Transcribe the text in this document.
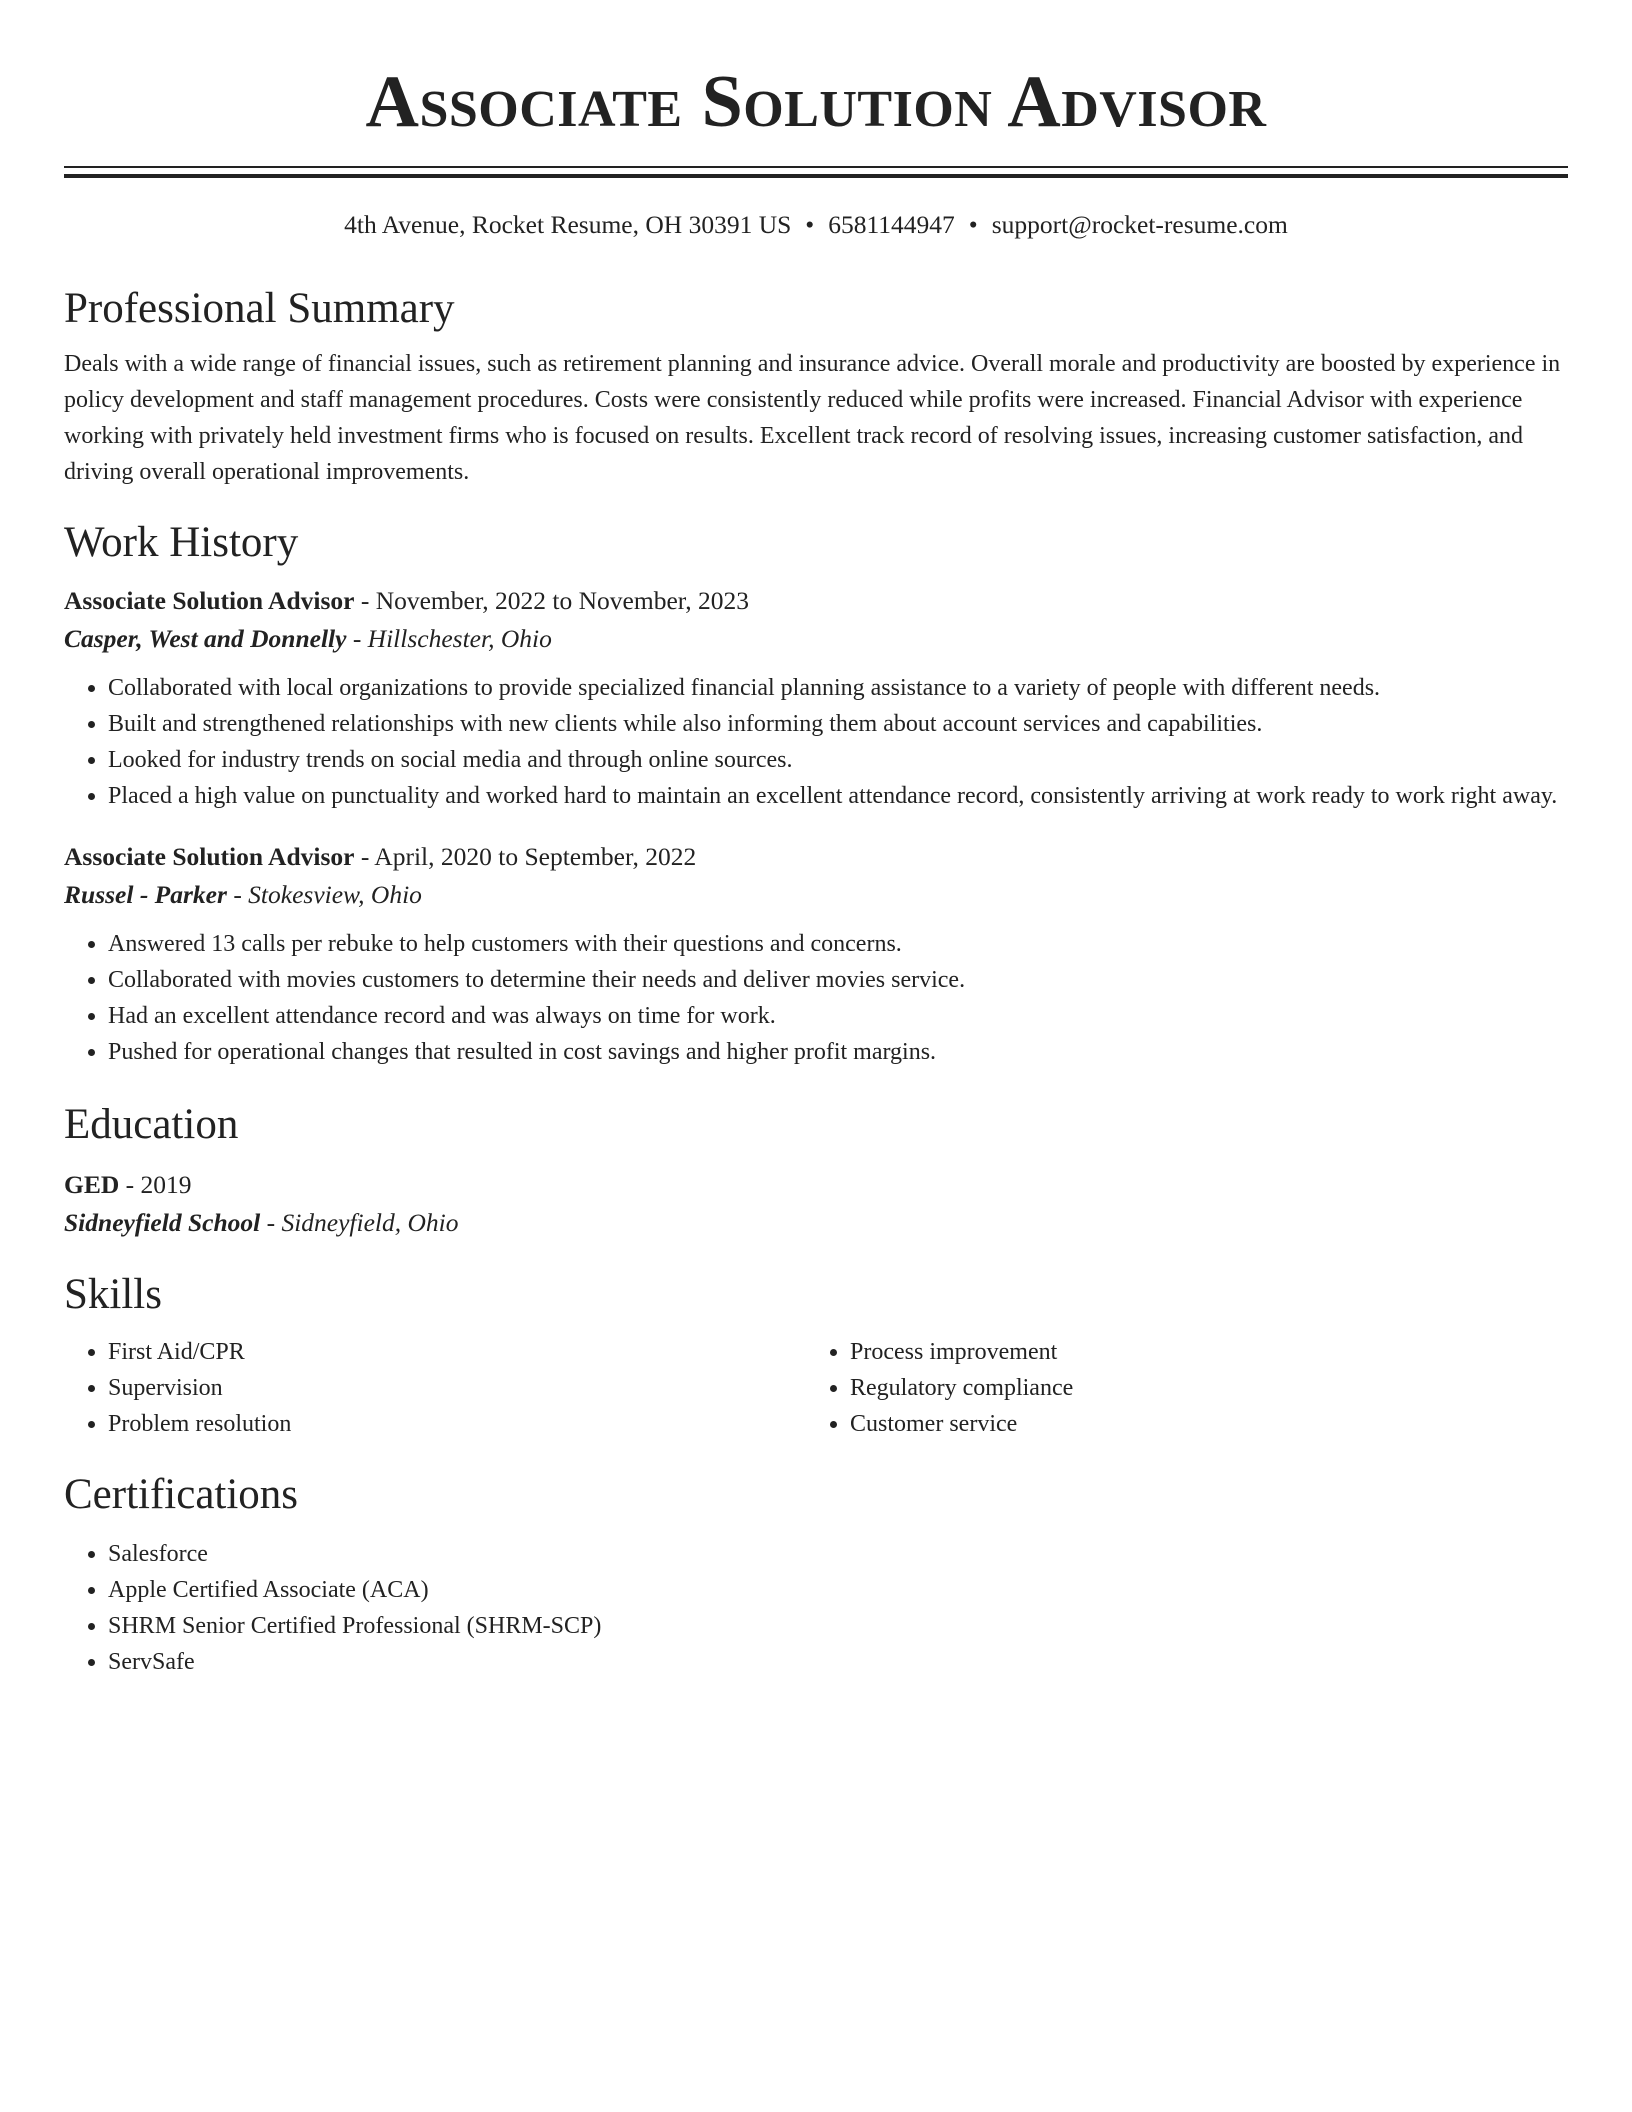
Associate Solution Advisor
4th Avenue, Rocket Resume, OH 30391 US • 6581144947 • support@rocket-resume.com
Professional Summary

Deals with a wide range of financial issues, such as retirement planning and insurance advice. Overall morale and productivity are boosted by experience in policy development and staff management procedures. Costs were consistently reduced while profits were increased. Financial Advisor with experience working with privately held investment firms who is focused on results. Excellent track record of resolving issues, increasing customer satisfaction, and driving overall operational improvements.

Work History
Associate Solution Advisor - November, 2022 to November, 2023
Casper, West and Donnelly - Hillschester, Ohio
• Collaborated with local organizations to provide specialized financial planning assistance to a variety of people with different needs.
• Built and strengthened relationships with new clients while also informing them about account services and capabilities.
• Looked for industry trends on social media and through online sources.
• Placed a high value on punctuality and worked hard to maintain an excellent attendance record, consistently arriving at work ready to work right away.
Associate Solution Advisor - April, 2020 to September, 2022
Russel - Parker - Stokesview, Ohio
• Answered 13 calls per rebuke to help customers with their questions and concerns.
• Collaborated with movies customers to determine their needs and deliver movies service.
• Had an excellent attendance record and was always on time for work.
• Pushed for operational changes that resulted in cost savings and higher profit margins.
Education
GED - 2019
Sidneyfield School - Sidneyfield, Ohio
Skills
• First Aid/CPR
• Supervision
• Problem resolution
• Process improvement
• Regulatory compliance
• Customer service
Certifications
• Salesforce
• Apple Certified Associate (ACA)
• SHRM Senior Certified Professional (SHRM-SCP)
• ServSafe
